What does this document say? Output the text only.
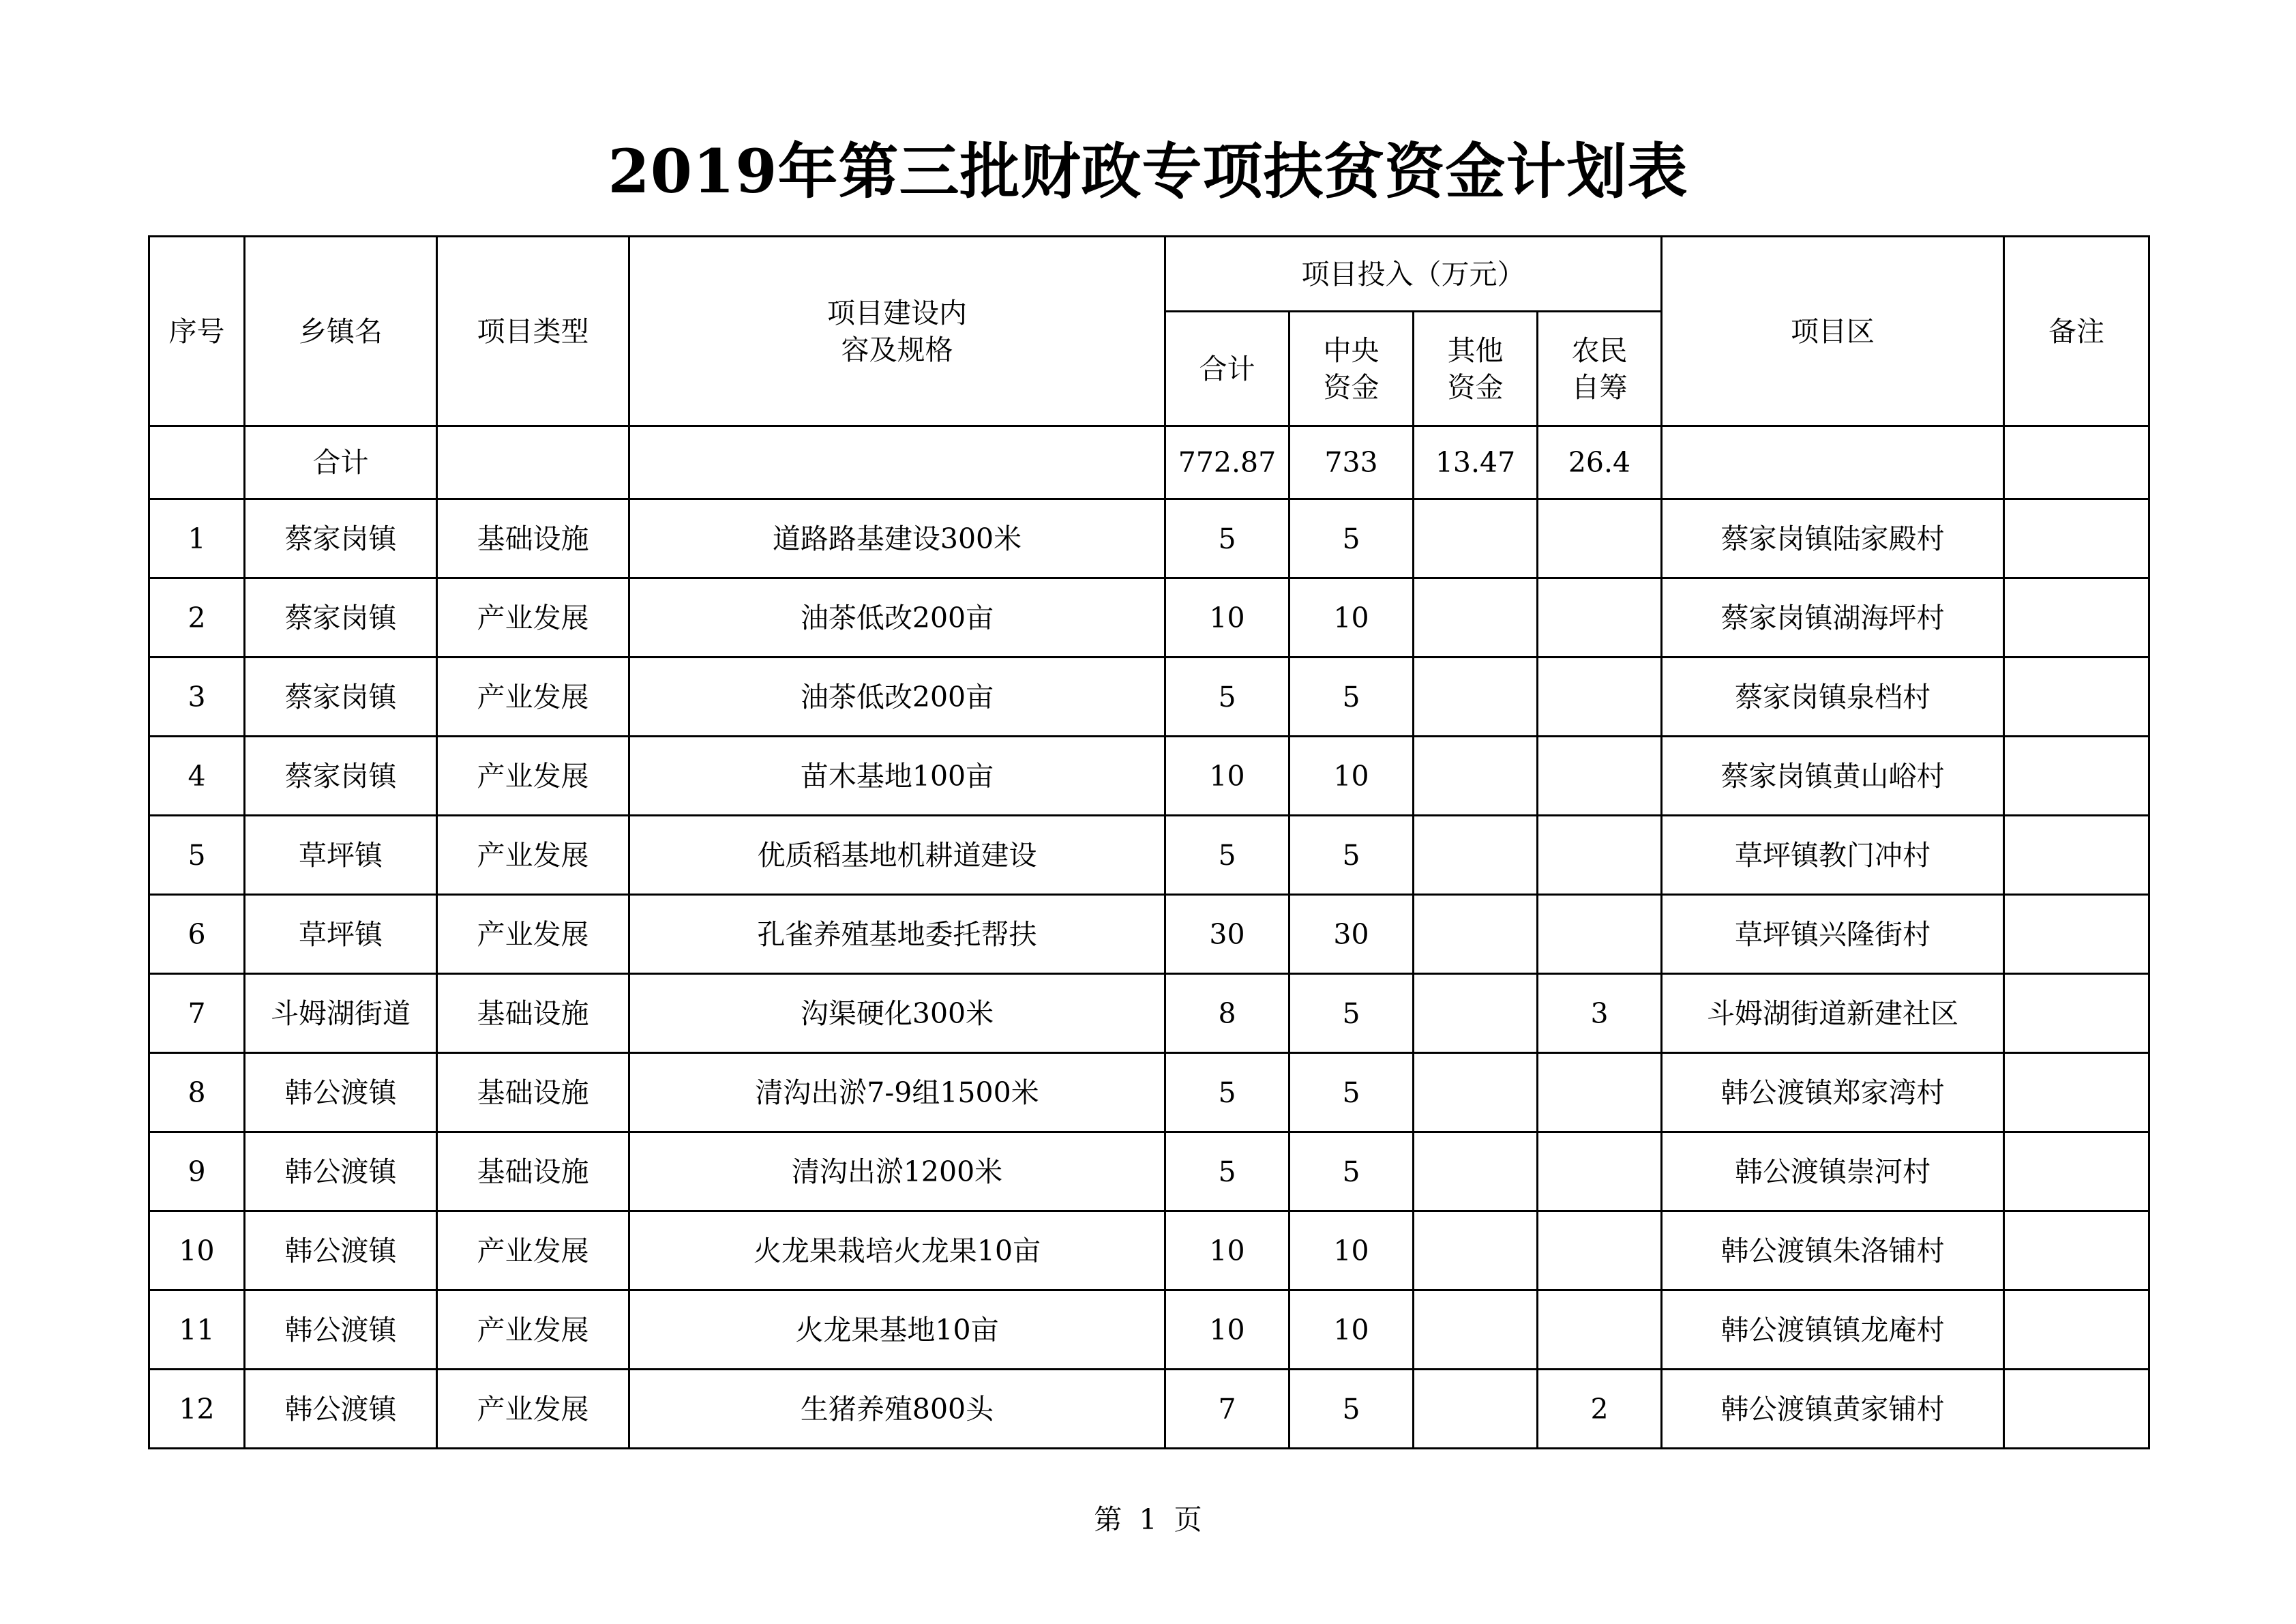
2019年第三批财政专项扶贫资金计划表
序号	乡镇名	项目类型	项目建设内容及规格	项目投入（万元）				项目区	备注
				合计	中央资金	其他资金	农民自筹		

	合计			772.87	733	13.47	26.4		
1	蔡家岗镇	基础设施	道路路基建设300米	5	5			蔡家岗镇陆家殿村	
2	蔡家岗镇	产业发展	油茶低改200亩	10	10			蔡家岗镇湖海坪村	
3	蔡家岗镇	产业发展	油茶低改200亩	5	5			蔡家岗镇泉档村	
4	蔡家岗镇	产业发展	苗木基地100亩	10	10			蔡家岗镇黄山峪村	
5	草坪镇	产业发展	优质稻基地机耕道建设	5	5			草坪镇教门冲村	
6	草坪镇	产业发展	孔雀养殖基地委托帮扶	30	30			草坪镇兴隆街村	
7	斗姆湖街道	基础设施	沟渠硬化300米	8	5		3	斗姆湖街道新建社区	
8	韩公渡镇	基础设施	清沟出淤7-9组1500米	5	5			韩公渡镇郑家湾村	
9	韩公渡镇	基础设施	清沟出淤1200米	5	5			韩公渡镇崇河村	
10	韩公渡镇	产业发展	火龙果栽培火龙果10亩	10	10			韩公渡镇朱洛铺村	
11	韩公渡镇	产业发展	火龙果基地10亩	10	10			韩公渡镇镇龙庵村	
12	韩公渡镇	产业发展	生猪养殖800头	7	5		2	韩公渡镇黄家铺村	
第 1 页
